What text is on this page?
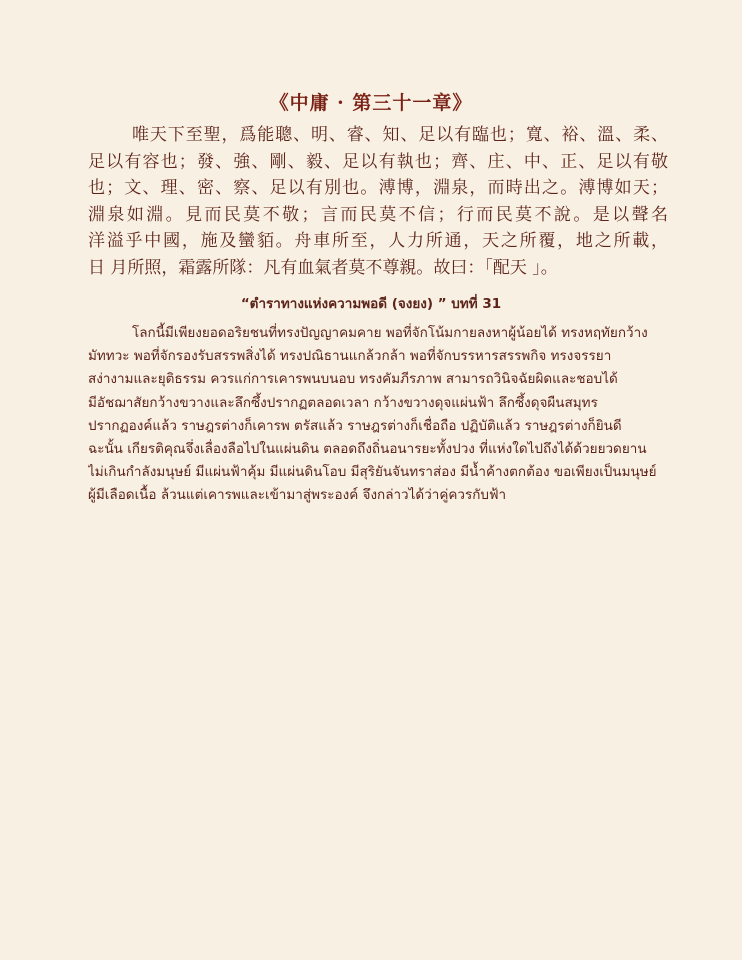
《中庸 · 第三十一章》
唯天下至聖，爲能聰、明、睿、知、足以有臨也；寬、裕、溫、柔、
足以有容也；發、強、剛、毅、足以有執也；齊、庄、中、正、足以有敬
也；文、理、密、察、足以有別也。溥博，淵泉，而時出之。溥博如天；
淵泉如淵。見而民莫不敬；言而民莫不信；行而民莫不說。是以聲名
洋溢乎中國，施及蠻貊。舟車所至，人力所通，天之所覆，地之所載，
日 月所照，霜露所隊：凡有血氣者莫不尊親。故曰：「配天 」。
“ตำราทางแห่งความพอดี (จงยง) ” บทที่ 31
โลกนี้มีเพียงยอดอริยชนที่ทรงปัญญาคมคาย พอที่จักโน้มกายลงหาผู้น้อยได้ ทรงหฤทัยกว้าง
มัททวะ พอที่จักรองรับสรรพสิ่งได้ ทรงปณิธานแกล้วกล้า พอที่จักบรรหารสรรพกิจ ทรงจรรยา
สง่างามและยุติธรรม ควรแก่การเคารพนบนอบ ทรงคัมภีรภาพ สามารถวินิจฉัยผิดและชอบได้
มีอัชฌาสัยกว้างขวางและลึกซึ้งปรากฏตลอดเวลา กว้างขวางดุจแผ่นฟ้า ลึกซึ้งดุจผืนสมุทร
ปรากฏองค์แล้ว ราษฎรต่างก็เคารพ ตรัสแล้ว ราษฎรต่างก็เชื่อถือ ปฏิบัติแล้ว ราษฎรต่างก็ยินดี
ฉะนั้น เกียรติคุณจึ่งเลื่องลือไปในแผ่นดิน ตลอดถึงถิ่นอนารยะทั้งปวง ที่แห่งใดไปถึงได้ด้วยยวดยาน
ไม่เกินกำลังมนุษย์ มีแผ่นฟ้าคุ้ม มีแผ่นดินโอบ มีสุริยันจันทราส่อง มีน้ำค้างตกต้อง ขอเพียงเป็นมนุษย์
ผู้มีเลือดเนื้อ ล้วนแต่เคารพและเข้ามาสู่พระองค์ จึงกล่าวได้ว่าคู่ควรกับฟ้า
